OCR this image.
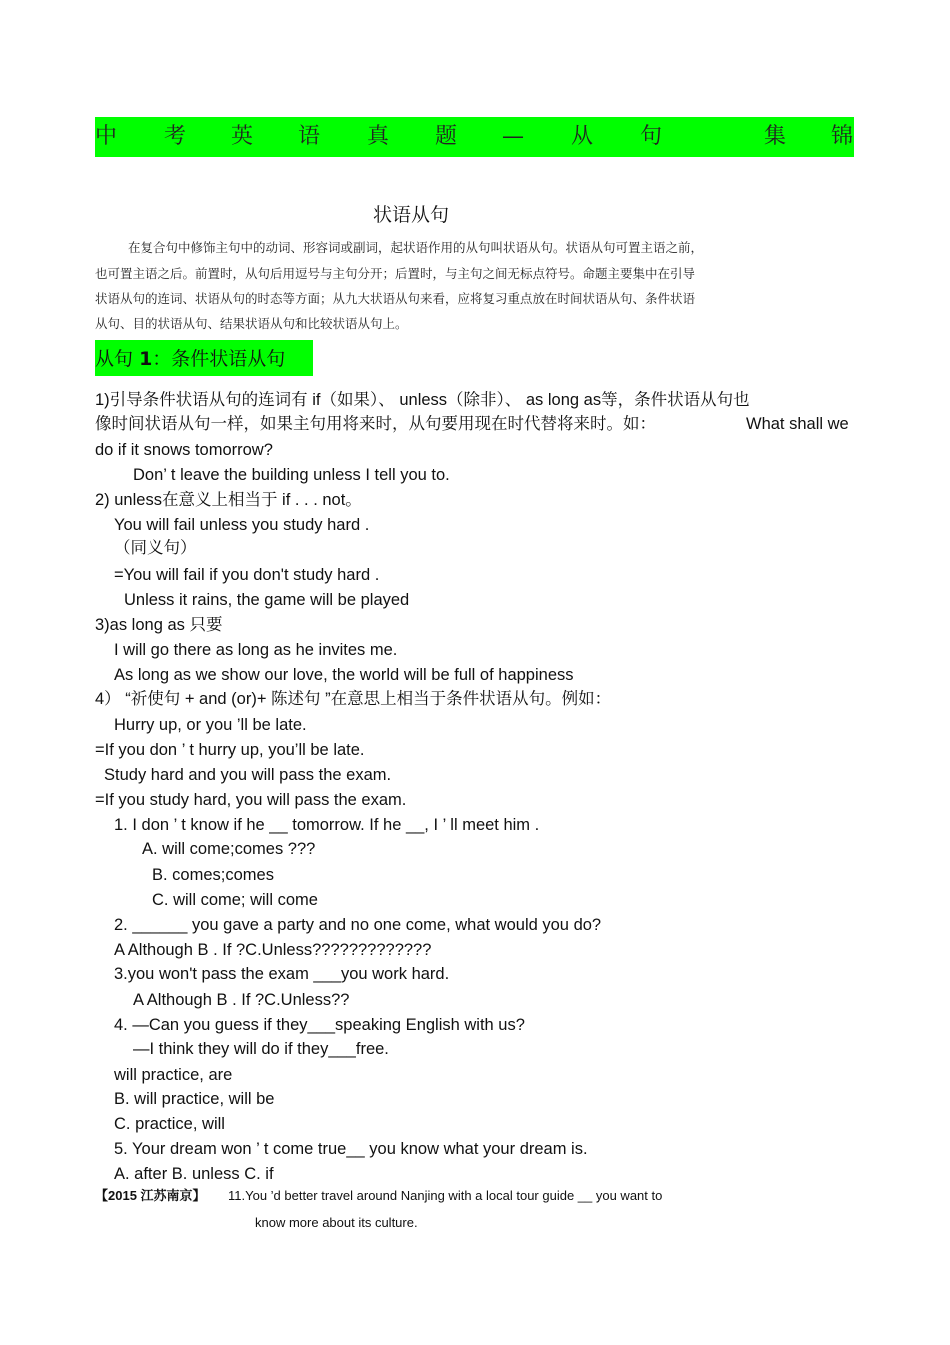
中 考 英 语 真 题 — 从 句	集 锦
状语从句
在复合句中修饰主句中的动词、形容词或副词，起状语作用的从句叫状语从句。状语从句可置主语之前，
也可置主语之后。前置时，从句后用逗号与主句分开；后置时，与主句之间无标点符号。命题主要集中在引导
状语从句的连词、状语从句的时态等方面；从九大状语从句来看，应将复习重点放在时间状语从句、条件状语
从句、目的状语从句、结果状语从句和比较状语从句上。
从句 1：条件状语从句
1)引导条件状语从句的连词有 if（如果）、 unless（除非）、 as long as等，条件状语从句也
像时间状语从句一样，如果主句用将来时，从句要用现在时代替将来时。如：	What shall we
do if it snows tomorrow?
Don’ t leave the building unless I tell you to.
2) unless在意义上相当于 if . . . not。
You will fail unless you study hard .
（同义句）
=You will fail if you don't study hard .
Unless it rains, the game will be played
3)as long as 只要
I will go there as long as he invites me.
As long as we show our love, the world will be full of happiness
4） “祈使句 + and (or)+ 陈述句 ”在意思上相当于条件状语从句。例如：
Hurry up, or you ’ll be late.
=If you don ’ t hurry up, you’ll be late.
Study hard and you will pass the exam.
=If you study hard, you will pass the exam.
1. I don ’ t know if he __ tomorrow. If he __, I ’ ll meet him .
A. will come;comes ???
B. comes;comes
C. will come; will come
2. ______ you gave a party and no one come, what would you do?
A Although B . If ?C.Unless?????????????
3.you won't pass the exam ___you work hard.
A Although B . If ?C.Unless??
4. —Can you guess if they___speaking English with us?
—I think they will do if they___free.
will practice, are
B. will practice, will be
C. practice, will
5. Your dream won ’ t come true__ you know what your dream is.
A. after B. unless C. if
【2015 江苏南京】 11.You ’d better travel around Nanjing with a local tour guide __ you want to
know more about its culture.
